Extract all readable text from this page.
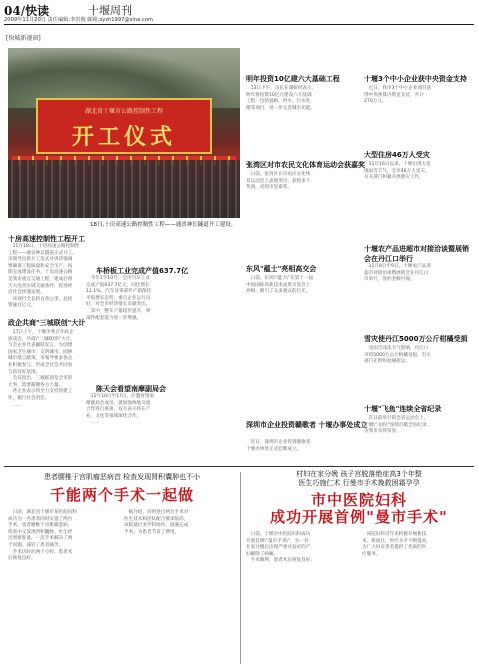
04/快读	十堰周刊
2009年11月20日 责任编辑:李洪俊 邮箱:syzh1997@sina.com
[快城新视窗]
湖北省十堰市公路控制性工程
开工仪式
18日,十房高速公路控制性工程——通省神长隧道开工建设。
十房高速控制性工程开工
　11月18日，十房高速公路控制性
工程——通省神长隧道正式开工。
市领导出席开工仪式并讲话强调
要确保工程质量和安全生产，按
期完成建设任务。十房高速公路
是我市重点交通工程，建成后将
大大改善区域交通条件，促进经
济社会快速发展。
　该项目全长约百余公里，总投
资逾百亿元。
政企共商"三城联创"大计
　17日上午，十堰市委召开政企
座谈会，共商\"三城联创\"大计。
与会企业代表踊跃发言，为创建
国家卫生城市、文明城市、园林
城市建言献策。市领导要求各企
业积极参与，形成全社会共同参
与的良好氛围。
　会议指出，三城联创是全市的
大事，需要凝聚各方力量。
　各企业表示将全力支持创建工
作，履行社会责任。
　……
车桥板工业完成产值637.7亿
　今年1至10月，全市汽车工业
完成产值637.7亿元，同比增长
12.1%。汽车及零部件产销保持
平稳增长态势，重点企业运行良
好，对全市经济增长贡献突出。
　其中，整车产量稳步提升，零
部件配套能力进一步增强。
陈天会看望南摩副局会
　11月10日至17日，应邀看望南
摩副局会成员，就加强两地交流
合作进行座谈，双方表示将在产
业、文化等领域深化合作。
　……
明年投资10亿建六大基础工程
　13日下午，市长在调研时表示，
明年将投资10亿元建设六大基础
工程，包括道路、供水、污水处
理等项目，进一步完善城市功能。
张湾区对市农民文化体育运动会获嘉奖
　日前，张湾区在市农民文化体
育运动会上表现突出，获得多个
奖项，受到市里嘉奖。
东风"蕴士"亮相高交会
　日前，东风\"蕴士\"在第十一届
中国国际高新技术成果交易会上
亮相，吸引了众多观众的目光。
深圳市企业投资赣歌者 十堰办事处成立
　近日，深圳市企业投资赣歌者
十堰办事处正式挂牌成立。
十堰3个中小企业获中央资金支持
　近日，我市3个中小企业项目获
得中央预算内资金支持，共计
270万元。
大型住房46万人受灾
　11月16日以来，十堰出现大范
围雨雪天气，全市46万人受灾，
有关部门积极开展救灾工作。
十堰农产品进超市对接洽谈暨展销会在丹江口举行
　11月8日至9日，十堰农产品进
超市对接洽谈暨展销会在丹江口
市举行，签约金额可观。
雪灾使丹江5000万公斤柑橘受损
　受雨雪冰冻天气影响，丹江口
市约5000万公斤柑橘受损，有关
部门正组织抢摘抢运。
十堰"飞鱼"连续全省纪录
　在日前举行的全省运动会上，
十堰\"飞鱼\"连续打破全省纪录，
为我市争得荣誉。
患者腰椎于宫肌瘤恶病首 检查发现肾积囊肿也不小
千能两个手术一起做
　日前，湖北省十堰市某医院妇科
成功为一名患者同时实施了两台
手术，患者腰椎于宫肌瘤恶病，
检查中又发现肾积囊肿。医生经
过周密准备，一次手术解决了两
个问题，减轻了患者痛苦。
　手术历时约两个小时，患者术
后恢复良好。
　据介绍，同时进行两台手术对
医生技术和团队配合要求很高，
该院通过多学科协作，圆满完成
手术，为患者节省了费用。
村妇在家分娩 孩子宫脱落绝症高3个年整
医生巧施仁术 行曼市手术挽救困霜孕孕
市中医院妇科
成功开展首例"曼市手术"
　日前，十堰市中医院妇科成功
开展首例\"曼市手术\"，为一名
在家分娩后出现严重并发症的产
妇解除了病痛。
　手术顺利，患者术后恢复良好。
　该院妇科近年来积极开展新技
术、新项目，医疗水平不断提高，
为广大妇女患者提供了优质的医
疗服务。
